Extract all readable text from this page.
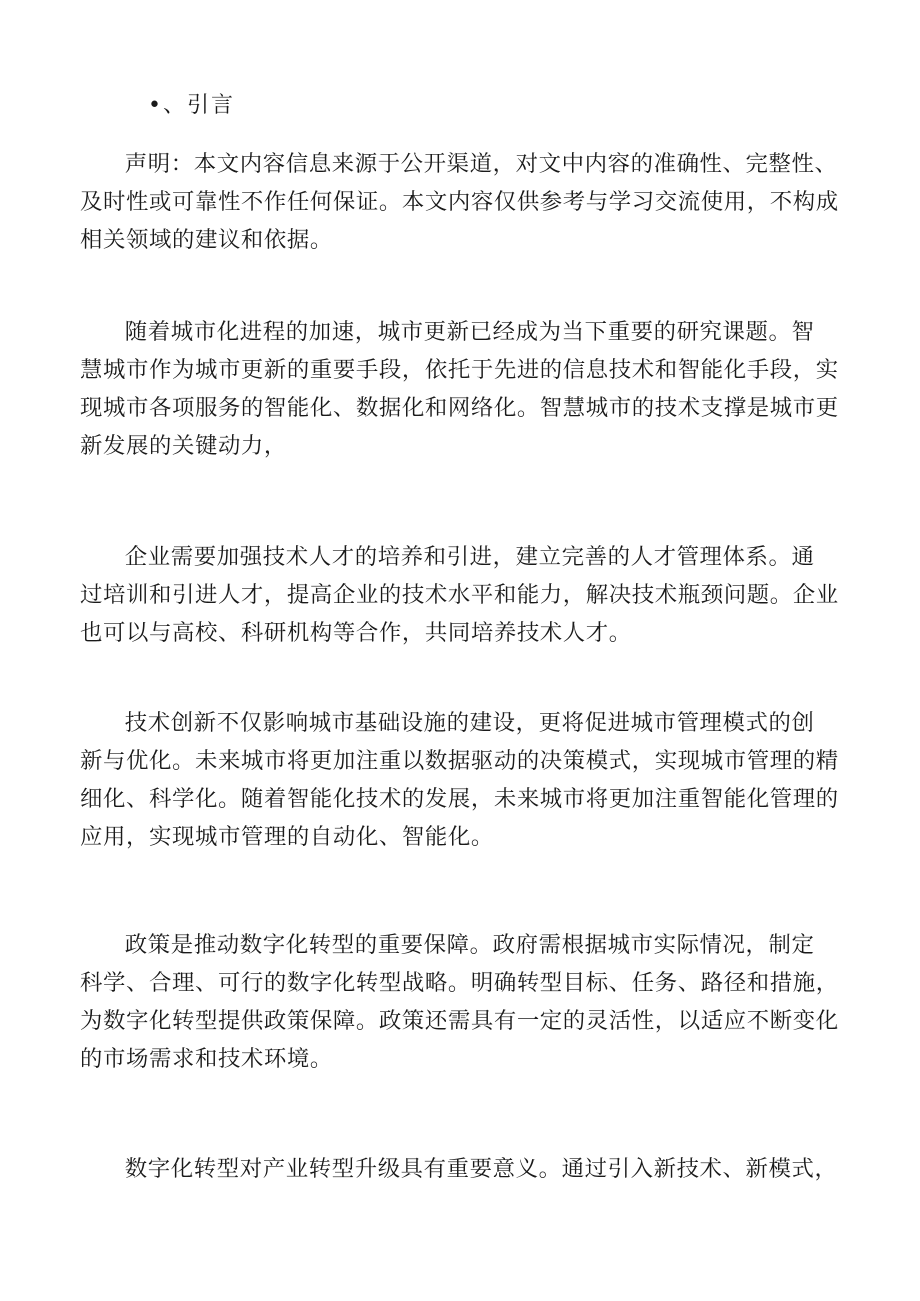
•、引言
声明：本文内容信息来源于公开渠道，对文中内容的准确性、完整性、
及时性或可靠性不作任何保证。本文内容仅供参考与学习交流使用，不构成
相关领域的建议和依据。
随着城市化进程的加速，城市更新已经成为当下重要的研究课题。智
慧城市作为城市更新的重要手段，依托于先进的信息技术和智能化手段，实
现城市各项服务的智能化、数据化和网络化。智慧城市的技术支撑是城市更
新发展的关键动力，
企业需要加强技术人才的培养和引进，建立完善的人才管理体系。通
过培训和引进人才，提高企业的技术水平和能力，解决技术瓶颈问题。企业
也可以与高校、科研机构等合作，共同培养技术人才。
技术创新不仅影响城市基础设施的建设，更将促进城市管理模式的创
新与优化。未来城市将更加注重以数据驱动的决策模式，实现城市管理的精
细化、科学化。随着智能化技术的发展，未来城市将更加注重智能化管理的
应用，实现城市管理的自动化、智能化。
政策是推动数字化转型的重要保障。政府需根据城市实际情况，制定
科学、合理、可行的数字化转型战略。明确转型目标、任务、路径和措施，
为数字化转型提供政策保障。政策还需具有一定的灵活性，以适应不断变化
的市场需求和技术环境。
数字化转型对产业转型升级具有重要意义。通过引入新技术、新模式，
